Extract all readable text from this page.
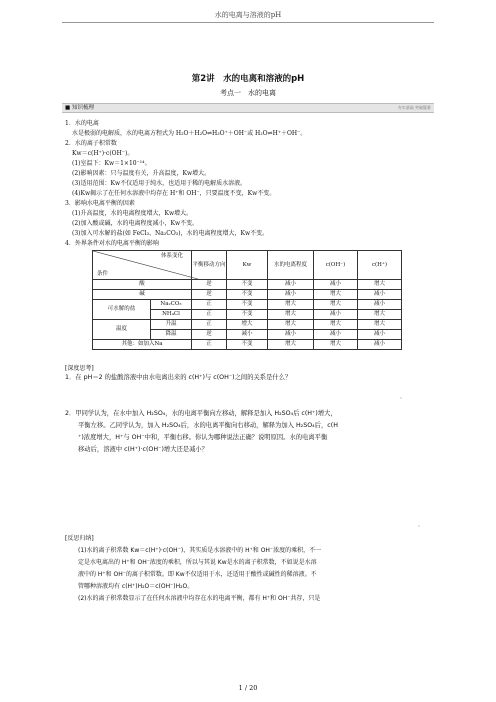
水的电离与溶液的pH
第2讲　水的电离和溶液的pH
考点一　水的电离
■ 知识梳理	夯实基础 突破疑难
1．水的电离
水是极弱的电解质，水的电离方程式为 H₂O＋H₂O⇌H₃O⁺＋OH⁻或 H₂O⇌H⁺＋OH⁻。
2．水的离子积常数
Kw＝c(H⁺)·c(OH⁻)。
(1)室温下：Kw＝1×10⁻¹⁴。
(2)影响因素：只与温度有关，升高温度，Kw增大。
(3)适用范围：Kw不仅适用于纯水，也适用于稀的电解质水溶液。
(4)Kw揭示了在任何水溶液中均存在 H⁺和 OH⁻，只要温度不变，Kw不变。
3．影响水电离平衡的因素
(1)升高温度，水的电离程度增大，Kw增大。
(2)加入酸或碱，水的电离程度减小，Kw不变。
(3)加入可水解的盐(如 FeCl₃、Na₂CO₃)，水的电离程度增大，Kw不变。
4．外界条件对水的电离平衡的影响
体系变化
条件		平衡移动方向	Kw	水的电离程度	c(OH⁻)	c(H⁺)
酸		逆	不变	减小	减小	增大
碱		逆	不变	减小	增大	减小
可水解的盐	Na₂CO₃	正	不变	增大	增大	减小
	NH₄Cl	正	不变	增大	减小	增大
温度	升温	正	增大	增大	增大	增大
	降温	逆	减小	减小	减小	减小
其他：如加入Na		正	不变	增大	增大	减小
[深度思考]
1．在 pH＝2 的盐酸溶液中由水电离出来的 c(H⁺)与 c(OH⁻)之间的关系是什么？
。
2．甲同学认为，在水中加入 H₂SO₄，水的电离平衡向左移动，解释是加入 H₂SO₄后 c(H⁺)增大，
平衡左移。乙同学认为，加入 H₂SO₄后，水的电离平衡向右移动，解释为加入 H₂SO₄后，c(H
⁺)浓度增大，H⁺与 OH⁻中和，平衡右移。你认为哪种说法正确？说明原因。水的电离平衡
移动后，溶液中 c(H⁺)·c(OH⁻)增大还是减小？
。
[反思归纳]
(1)水的离子积常数 Kw＝c(H⁺)·c(OH⁻)，其实质是水溶液中的 H⁺和 OH⁻浓度的乘积，不一
定是水电离出的 H⁺和 OH⁻浓度的乘积，所以与其说 Kw是水的离子积常数，不如说是水溶
液中的 H⁺和 OH⁻的离子积常数。即 Kw不仅适用于水，还适用于酸性或碱性的稀溶液。不
管哪种溶液均有 c(H⁺)H₂O＝c(OH⁻)H₂O。
(2)水的离子积常数显示了在任何水溶液中均存在水的电离平衡，都有 H⁺和 OH⁻共存，只是
1 / 20
